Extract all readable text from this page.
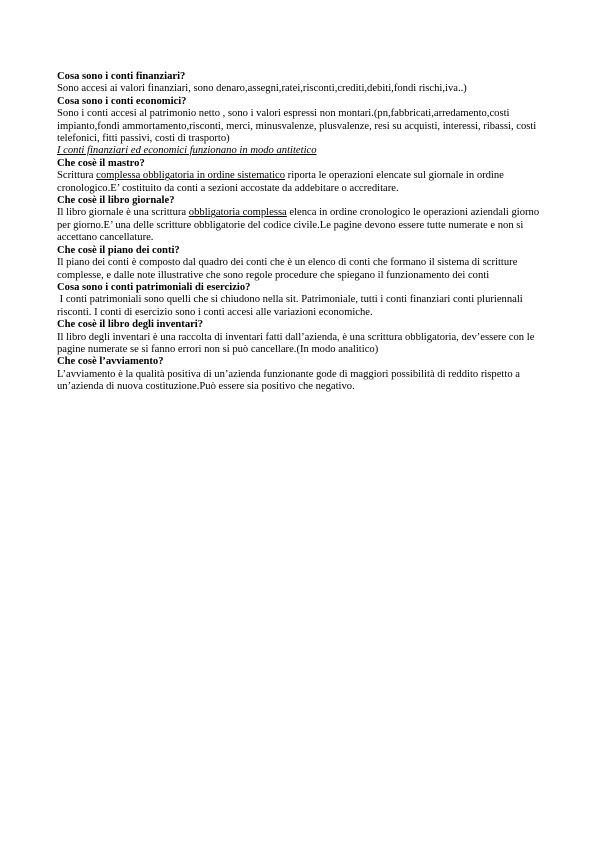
Cosa sono i conti finanziari?

Sono accesi ai valori finanziari, sono denaro,assegni,ratei,risconti,crediti,debiti,fondi rischi,iva..)

Cosa sono i conti economici?

Sono i conti accesi al patrimonio netto , sono i valori espressi non montari.(pn,fabbricati,arredamento,costi impianto,fondi ammortamento,risconti, merci, minusvalenze, plusvalenze, resi su acquisti, interessi, ribassi, costi telefonici, fitti passivi, costi di trasporto)

I conti finanziari ed economici funzionano in modo antitetico

Che cosè il mastro?

Scrittura complessa obbligatoria in ordine sistematico riporta le operazioni elencate sul giornale in ordine cronologico.E’ costituito da conti a sezioni accostate da addebitare o accreditare.

Che cosè il libro giornale?

Il libro giornale è una scrittura obbligatoria complessa elenca in ordine cronologico le operazioni aziendali giorno per giorno.E’ una delle scritture obbligatorie del codice civile.Le pagine devono essere tutte numerate e non si accettano cancellature.

Che cosè il piano dei conti?

Il piano dei conti è composto dal quadro dei conti che è un elenco di conti che formano il sistema di scritture complesse, e dalle note illustrative che sono regole procedure che spiegano il funzionamento dei conti

Cosa sono i conti patrimoniali di esercizio?

I conti patrimoniali sono quelli che si chiudono nella sit. Patrimoniale, tutti i conti finanziari conti pluriennali risconti. I conti di esercizio sono i conti accesi alle variazioni economiche.

Che cosè il libro degli inventari?

Il libro degli inventari è una raccolta di inventari fatti dall’azienda, è una scrittura obbligatoria, dev’essere con le pagine numerate se si fanno errori non si può cancellare.(In modo analitico)

Che cosè l’avviamento?

L’avviamento è la qualità positiva di un’azienda funzionante gode di maggiori possibilità di reddito rispetto a un’azienda di nuova costituzione.Può essere sia positivo che negativo.
